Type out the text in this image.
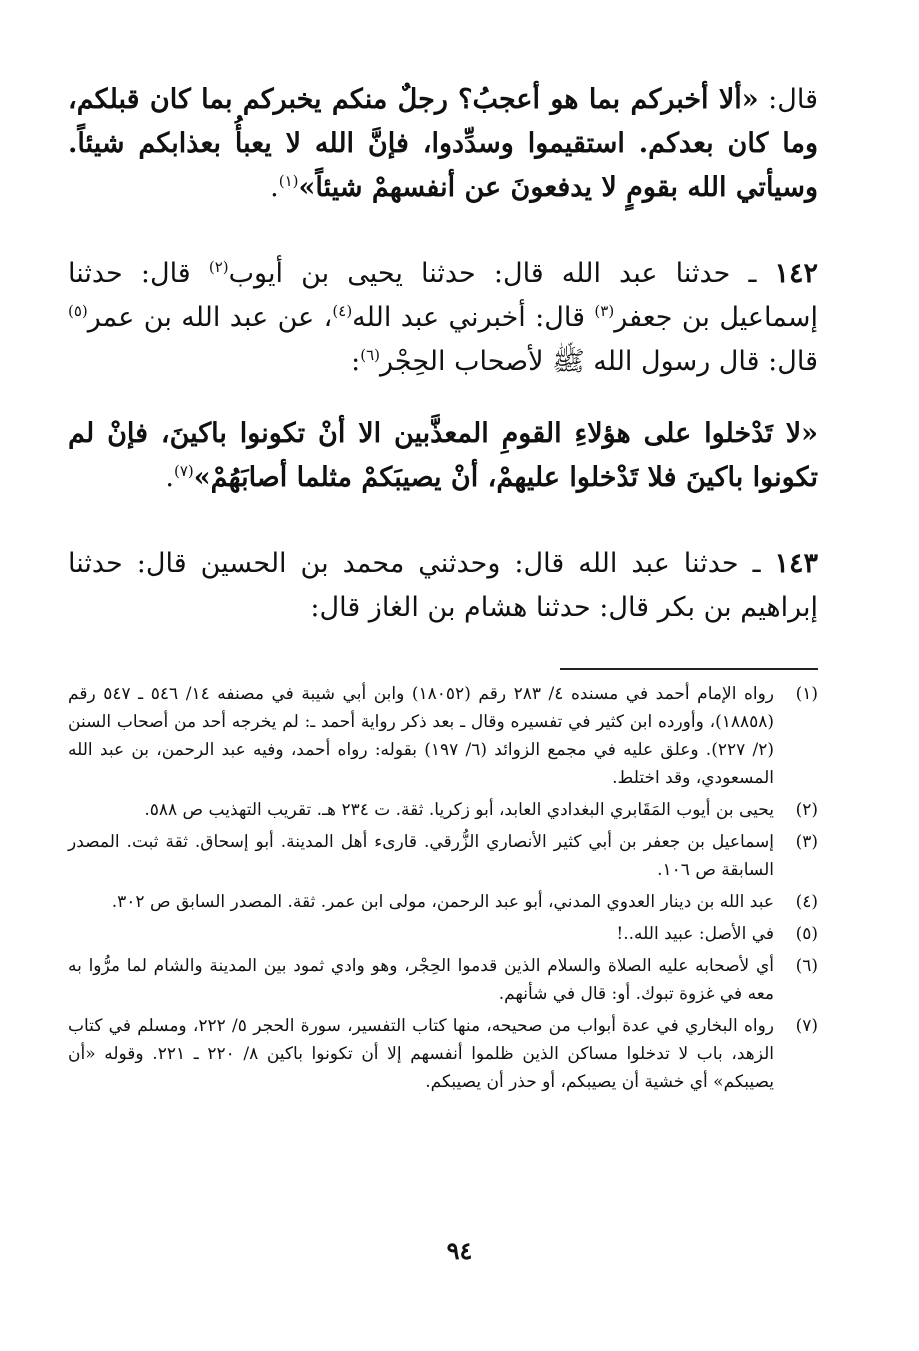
قال: «ألا أخبركم بما هو أعجبُ؟ رجلٌ منكم يخبركم بما كان قبلكم، وما كان بعدكم. استقيموا وسدِّدوا، فإنَّ الله لا يعبأُ بعذابكم شيئاً. وسيأتي الله بقومٍ لا يدفعونَ عن أنفسهمْ شيئاً»$^{(١)}$.

١٤٢ ـ حدثنا عبد الله قال: حدثنا يحيى بن أيوب$^{(٢)}$ قال: حدثنا إسماعيل بن جعفر$^{(٣)}$ قال: أخبرني عبد الله$^{(٤)}$، عن عبد الله بن عمر$^{(٥)}$ قال: قال رسول الله ﷺ لأصحاب الحِجْر$^{(٦)}$:

«لا تَدْخلوا على هؤلاءِ القومِ المعذَّبين الا أنْ تكونوا باكينَ، فإنْ لم تكونوا باكينَ فلا تَدْخلوا عليهمْ، أنْ يصيبَكمْ مثلما أصابَهُمْ»$^{(٧)}$.

١٤٣ ـ حدثنا عبد الله قال: وحدثني محمد بن الحسين قال: حدثنا إبراهيم بن بكر قال: حدثنا هشام بن الغاز قال:

(١)
رواه الإمام أحمد في مسنده ٤/ ٢٨٣ رقم (١٨٠٥٢) وابن أبي شيبة في مصنفه ١٤/ ٥٤٦ ـ ٥٤٧ رقم (١٨٨٥٨)، وأورده ابن كثير في تفسيره وقال ـ بعد ذكر رواية أحمد ـ: لم يخرجه أحد من أصحاب السنن (٢/ ٢٢٧). وعلق عليه في مجمع الزوائد (٦/ ١٩٧) بقوله: رواه أحمد، وفيه عبد الرحمن، بن عبد الله المسعودي، وقد اختلط.
(٢)
يحيى بن أيوب المَقَابري البغدادي العابد، أبو زكريا. ثقة. ت ٢٣٤ هـ. تقريب التهذيب ص ٥٨٨.
(٣)
إسماعيل بن جعفر بن أبي كثير الأنصاري الزُّرقي. قارىء أهل المدينة. أبو إسحاق. ثقة ثبت. المصدر السابقة ص ١٠٦.
(٤)
عبد الله بن دينار العدوي المدني، أبو عبد الرحمن، مولى ابن عمر. ثقة. المصدر السابق ص ٣٠٢.
(٥)
في الأصل: عبيد الله..!
(٦)
أي لأصحابه عليه الصلاة والسلام الذين قدموا الحِجْر، وهو وادي ثمود بين المدينة والشام لما مرُّوا به معه في غزوة تبوك. أو: قال في شأنهم.
(٧)
رواه البخاري في عدة أبواب من صحيحه، منها كتاب التفسير، سورة الحجر ٥/ ٢٢٢، ومسلم في كتاب الزهد، باب لا تدخلوا مساكن الذين ظلموا أنفسهم إلا أن تكونوا باكين ٨/ ٢٢٠ ـ ٢٢١. وقوله «أن يصيبكم» أي خشية أن يصيبكم، أو حذر أن يصيبكم.
٩٤
